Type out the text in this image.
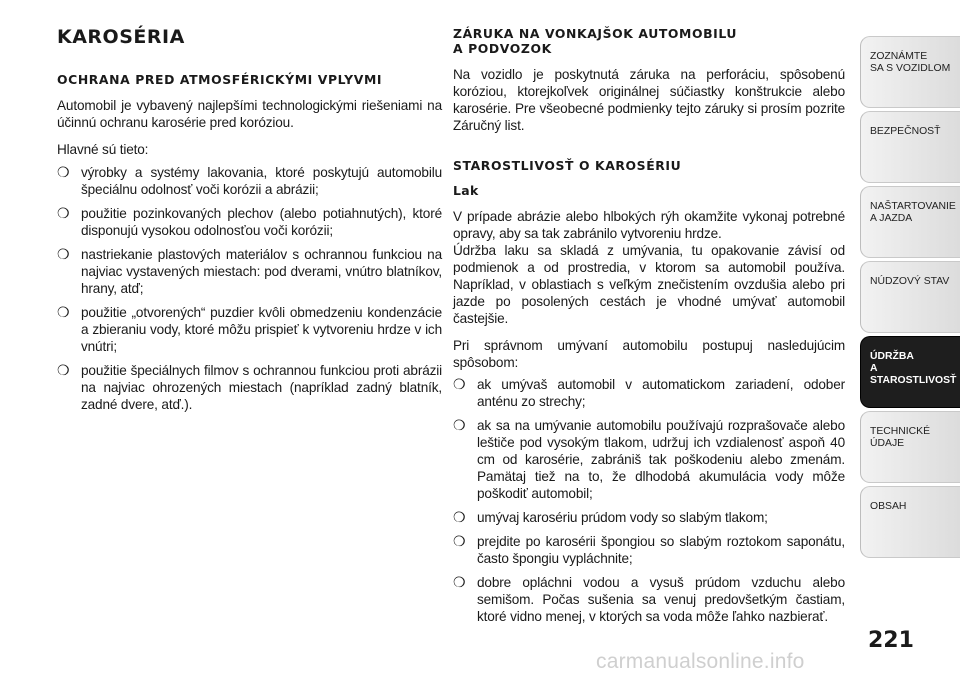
KAROSÉRIA
OCHRANA PRED ATMOSFÉRICKÝMI VPLYVMI

Automobil je vybavený najlepšími technologickými riešeniami na účinnú ochranu karosérie pred koróziou.

Hlavné sú tieto:

❍ výrobky a systémy lakovania, ktoré poskytujú automobilu špeciálnu odolnosť voči korózii a abrázii;
❍ použitie pozinkovaných plechov (alebo potiahnutých), ktoré disponujú vysokou odolnosťou voči korózii;
❍ nastriekanie plastových materiálov s ochrannou funkciou na najviac vystavených miestach: pod dverami, vnútro blatníkov, hrany, atď;
❍ použitie „otvorených“ puzdier kvôli obmedzeniu kondenzácie a zbieraniu vody, ktoré môžu prispieť k vytvoreniu hrdze v ich vnútri;
❍ použitie špeciálnych filmov s ochrannou funkciou proti abrázii na najviac ohrozených miestach (napríklad zadný blatník, zadné dvere, atď.).
ZÁRUKA NA VONKAJŠOK AUTOMOBILU
A PODVOZOK

Na vozidlo je poskytnutá záruka na perforáciu, spôsobenú koróziou, ktorejkoľvek originálnej súčiastky konštrukcie alebo karosérie. Pre všeobecné podmienky tejto záruky si prosím pozrite Záručný list.

STAROSTLIVOSŤ O KAROSÉRIU
Lak

V prípade abrázie alebo hlbokých rýh okamžite vykonaj potrebné opravy, aby sa tak zabránilo vytvoreniu hrdze.

Údržba laku sa skladá z umývania, tu opakovanie závisí od podmienok a od prostredia, v ktorom sa automobil používa. Napríklad, v oblastiach s veľkým znečistením ovzdušia alebo pri jazde po posolených cestách je vhodné umývať automobil častejšie.

Pri správnom umývaní automobilu postupuj nasledujúcim spôsobom:

❍ ak umývaš automobil v automatickom zariadení, odober anténu zo strechy;
❍ ak sa na umývanie automobilu používajú rozprašovače alebo leštiče pod vysokým tlakom, udržuj ich vzdialenosť aspoň 40 cm od karosérie, zabrániš tak poškodeniu alebo zmenám. Pamätaj tiež na to, že dlhodobá akumulácia vody môže poškodiť automobil;
❍ umývaj karosériu prúdom vody so slabým tlakom;
❍ prejdite po karosérii špongiou so slabým roztokom saponátu, často špongiu vypláchnite;
❍ dobre opláchni vodou a vysuš prúdom vzduchu alebo semišom. Počas sušenia sa venuj predovšetkým častiam, ktoré vidno menej, v ktorých sa voda môže ľahko nazbierať.
ZOZNÁMTE
SA S VOZIDLOM
BEZPEČNOSŤ
NAŠTARTOVANIE
A JAZDA
NÚDZOVÝ STAV
ÚDRŽBA
A STAROSTLIVOSŤ
TECHNICKÉ
ÚDAJE
OBSAH
221
carmanualsonline.info
